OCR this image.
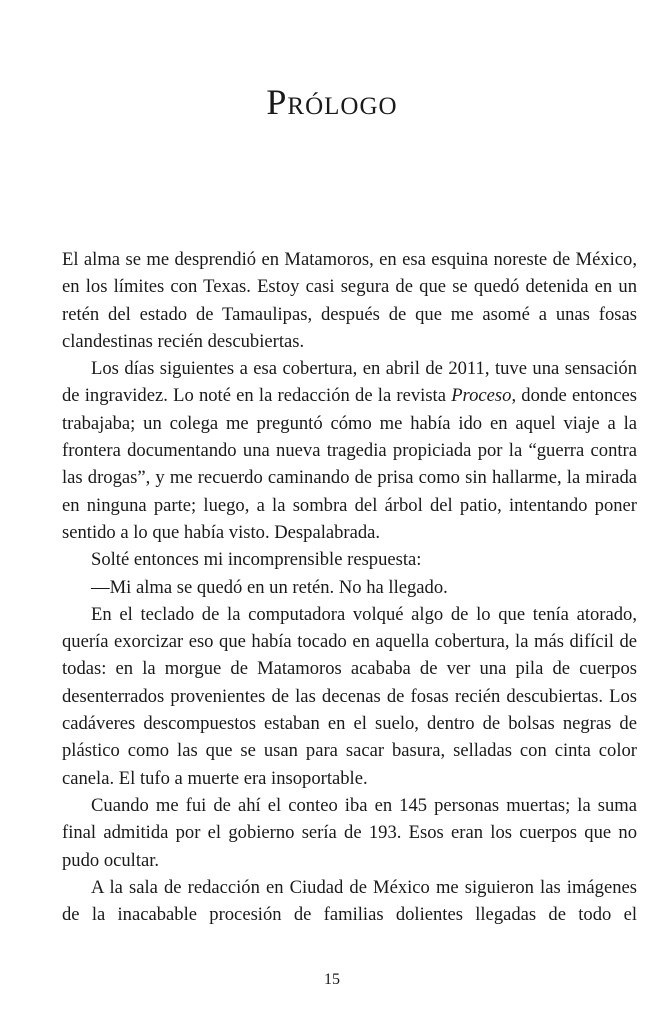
Prólogo

El alma se me desprendió en Matamoros, en esa esquina noreste de México, en los límites con Texas. Estoy casi segura de que se quedó detenida en un retén del estado de Tamaulipas, después de que me asomé a unas fosas clandestinas recién descubiertas.

Los días siguientes a esa cobertura, en abril de 2011, tuve una sensación de ingravidez. Lo noté en la redacción de la revista Proceso, donde entonces trabajaba; un colega me preguntó cómo me había ido en aquel viaje a la frontera documentando una nueva tragedia propiciada por la “guerra contra las drogas”, y me recuerdo caminando de prisa como sin hallarme, la mirada en ninguna parte; luego, a la sombra del árbol del patio, intentando poner sentido a lo que había visto. Despalabrada.

Solté entonces mi incomprensible respuesta:

—Mi alma se quedó en un retén. No ha llegado.

En el teclado de la computadora volqué algo de lo que tenía atorado, quería exorcizar eso que había tocado en aquella cobertura, la más difícil de todas: en la morgue de Matamoros acababa de ver una pila de cuerpos desenterrados provenientes de las decenas de fosas recién descubiertas. Los cadáveres descompuestos estaban en el suelo, dentro de bolsas negras de plástico como las que se usan para sacar basura, selladas con cinta color canela. El tufo a muerte era insoportable.

Cuando me fui de ahí el conteo iba en 145 personas muertas; la suma final admitida por el gobierno sería de 193. Esos eran los cuerpos que no pudo ocultar.

A la sala de redacción en Ciudad de México me siguieron las imágenes de la inacabable procesión de familias dolientes llegadas de todo el

15
